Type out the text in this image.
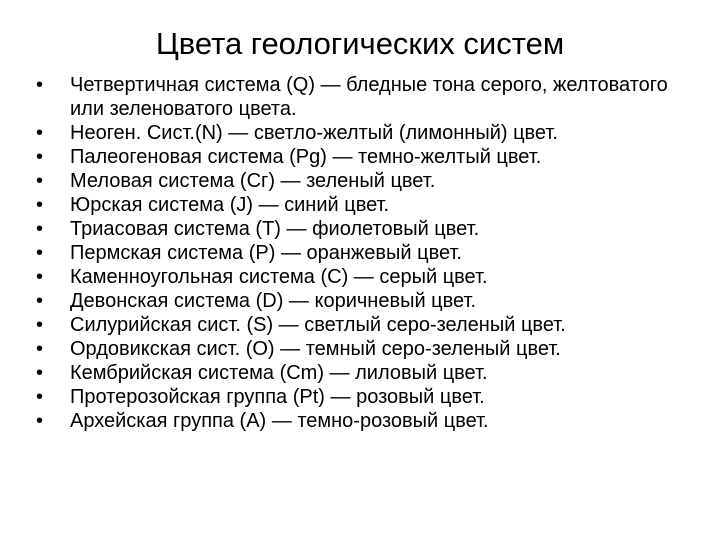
Цвета геологических систем
•	Четвертичная система (Q) — бледные тона серого, желтоватого или зеленоватого цвета.
•	Неоген. Сист.(N) — светло-желтый (лимонный) цвет.
•	Палеогеновая система (Pg) — темно-желтый цвет.
•	Меловая система (Сг) — зеленый цвет.
•	Юрская система (J) — синий цвет.
•	Триасовая система (Т) — фиолетовый цвет.
•	Пермская система (Р) — оранжевый цвет.
•	Каменноугольная система (С) — серый цвет.
•	Девонская система (D) — коричневый цвет.
•	Силурийская сист. (S) — светлый серо-зеленый цвет.
•	Ордовикская сист. (О) — темный серо-зеленый цвет.
•	Кембрийская система (Сm) — лиловый цвет.
•	Протерозойская группа (Pt) — розовый цвет.
•	Архейская группа (А) — темно-розовый цвет.
